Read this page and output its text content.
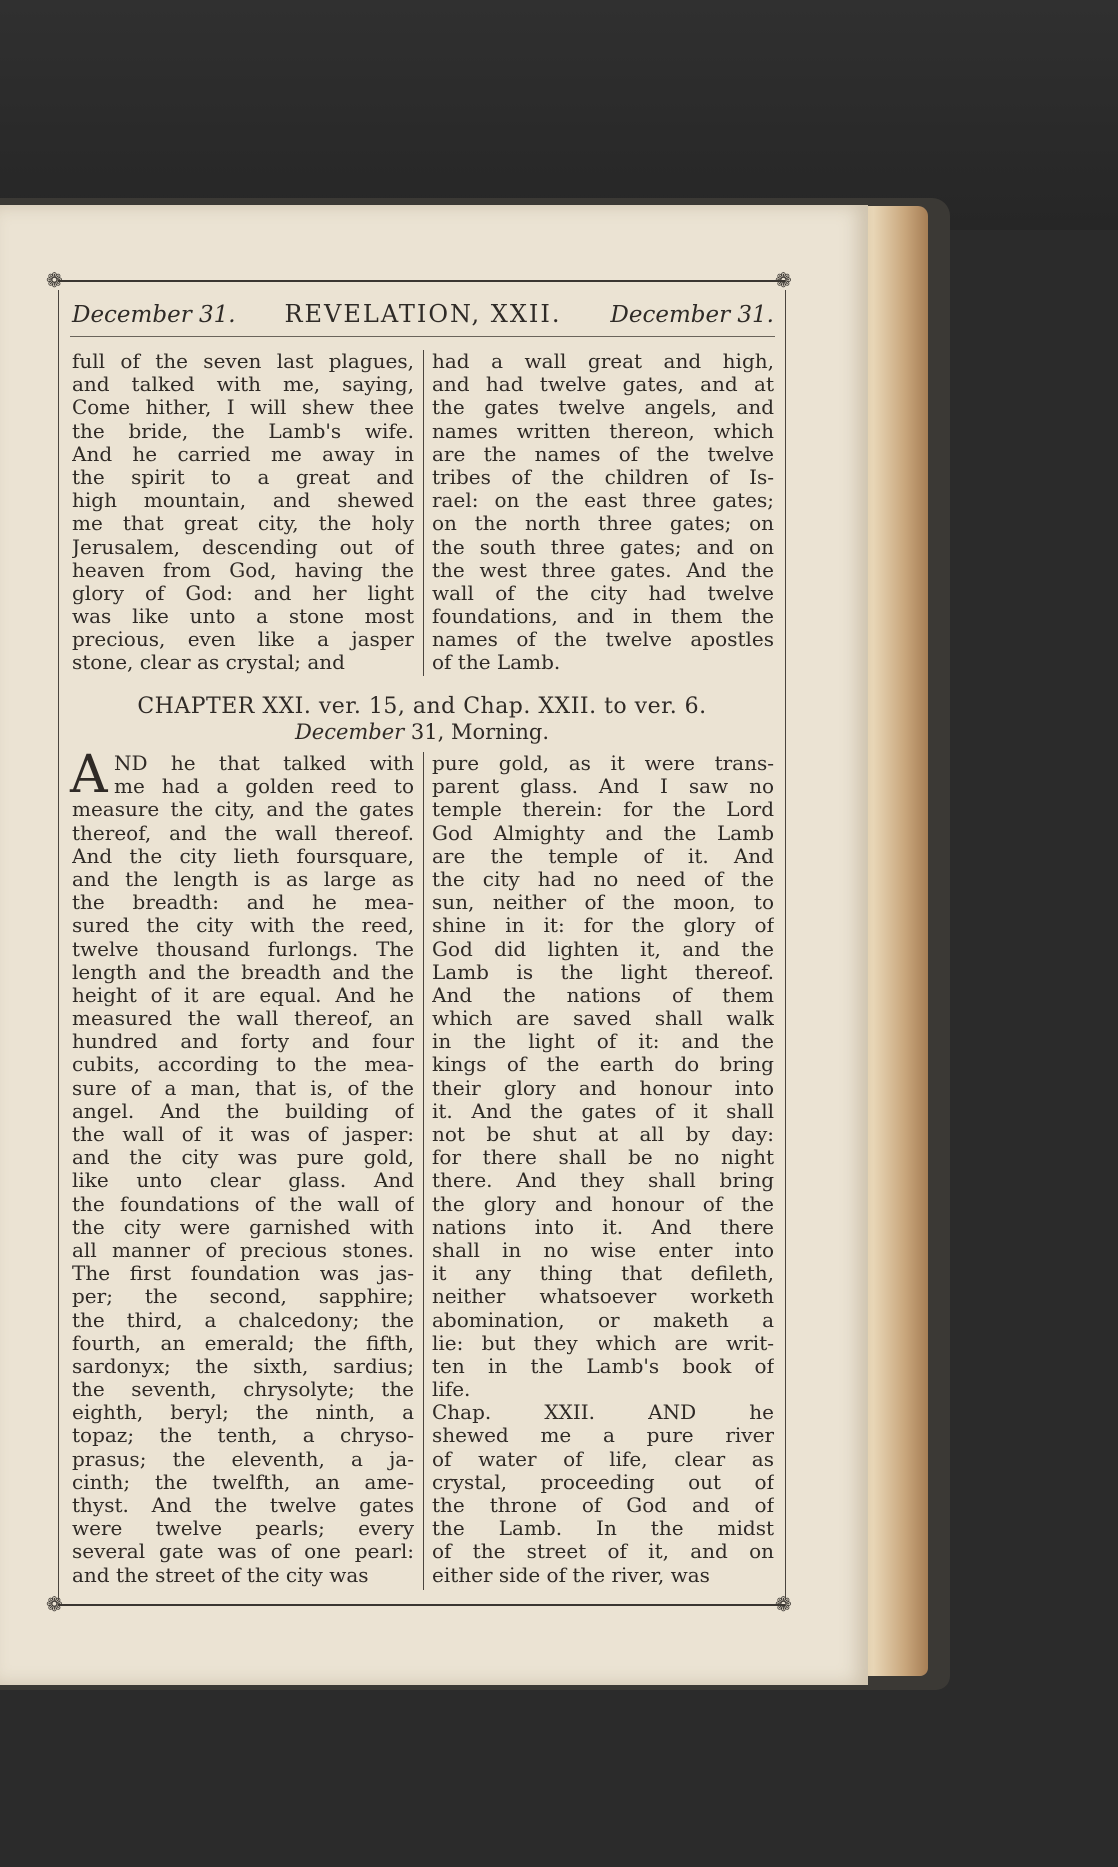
❁	❁
❁	❁
December 31.	REVELATION, XXII.	December 31.
full of the seven last plagues,
and talked with me, saying,
Come hither, I will shew thee
the bride, the Lamb's wife.
And he carried me away in
the spirit to a great and
high mountain, and shewed
me that great city, the holy
Jerusalem, descending out of
heaven from God, having the
glory of God: and her light
was like unto a stone most
precious, even like a jasper
stone, clear as crystal; and
had a wall great and high,
and had twelve gates, and at
the gates twelve angels, and
names written thereon, which
are the names of the twelve
tribes of the children of Is-
rael: on the east three gates;
on the north three gates; on
the south three gates; and on
the west three gates. And the
wall of the city had twelve
foundations, and in them the
names of the twelve apostles
of the Lamb.
CHAPTER XXI. ver. 15, and Chap. XXII. to ver. 6.
December 31, Morning.
A ND he that talked with
me had a golden reed to
measure the city, and the gates
thereof, and the wall thereof.
And the city lieth foursquare,
and the length is as large as
the breadth: and he mea-
sured the city with the reed,
twelve thousand furlongs. The
length and the breadth and the
height of it are equal. And he
measured the wall thereof, an
hundred and forty and four
cubits, according to the mea-
sure of a man, that is, of the
angel. And the building of
the wall of it was of jasper:
and the city was pure gold,
like unto clear glass. And
the foundations of the wall of
the city were garnished with
all manner of precious stones.
The first foundation was jas-
per; the second, sapphire;
the third, a chalcedony; the
fourth, an emerald; the fifth,
sardonyx; the sixth, sardius;
the seventh, chrysolyte; the
eighth, beryl; the ninth, a
topaz; the tenth, a chryso-
prasus; the eleventh, a ja-
cinth; the twelfth, an ame-
thyst. And the twelve gates
were twelve pearls; every
several gate was of one pearl:
and the street of the city was
pure gold, as it were trans-
parent glass. And I saw no
temple therein: for the Lord
God Almighty and the Lamb
are the temple of it. And
the city had no need of the
sun, neither of the moon, to
shine in it: for the glory of
God did lighten it, and the
Lamb is the light thereof.
And the nations of them
which are saved shall walk
in the light of it: and the
kings of the earth do bring
their glory and honour into
it. And the gates of it shall
not be shut at all by day:
for there shall be no night
there. And they shall bring
the glory and honour of the
nations into it. And there
shall in no wise enter into
it any thing that defileth,
neither whatsoever worketh
abomination, or maketh a
lie: but they which are writ-
ten in the Lamb's book of
life.
Chap. XXII. AND he
shewed me a pure river
of water of life, clear as
crystal, proceeding out of
the throne of God and of
the Lamb. In the midst
of the street of it, and on
either side of the river, was
